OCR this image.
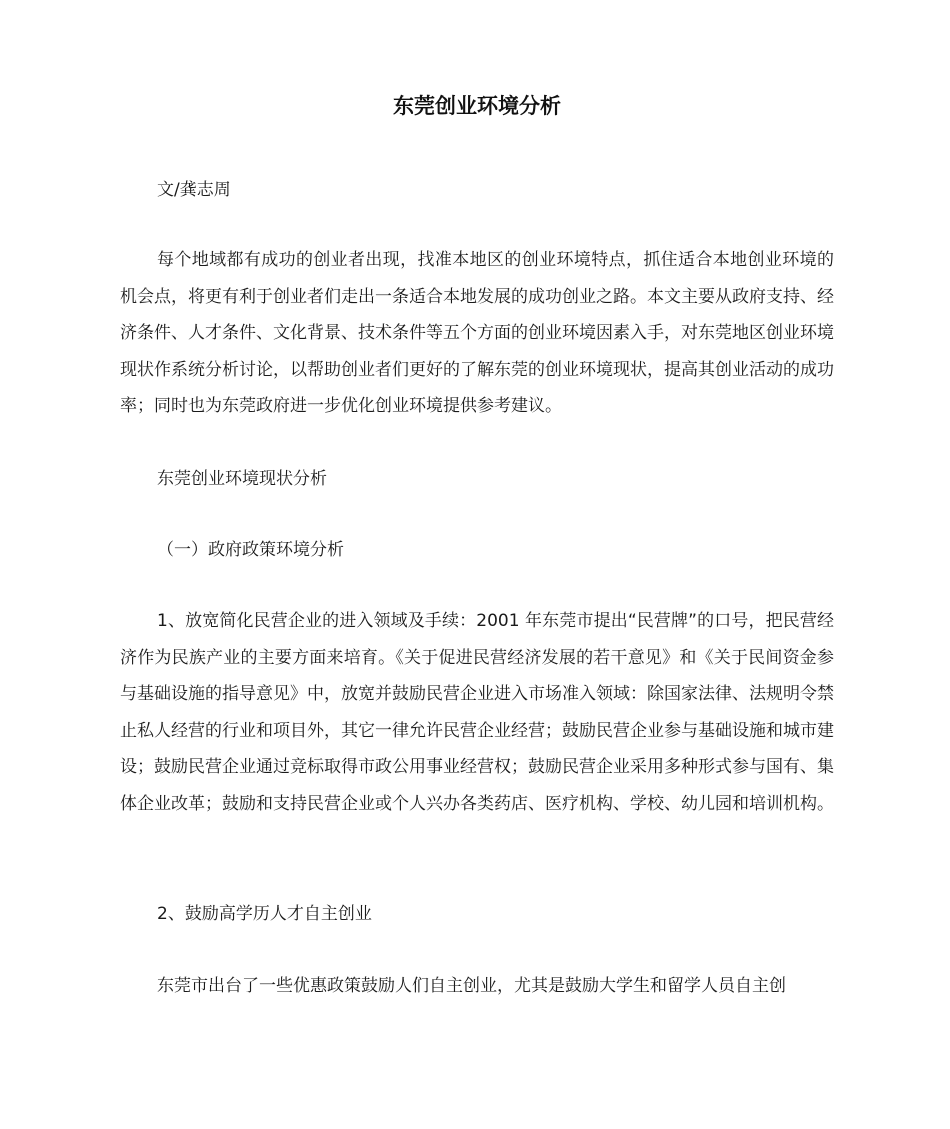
东莞创业环境分析

文/龚志周

每个地域都有成功的创业者出现，找准本地区的创业环境特点，抓住适合本地创业环境的机会点，将更有利于创业者们走出一条适合本地发展的成功创业之路。本文主要从政府支持、经济条件、人才条件、文化背景、技术条件等五个方面的创业环境因素入手，对东莞地区创业环境现状作系统分析讨论，以帮助创业者们更好的了解东莞的创业环境现状，提高其创业活动的成功率；同时也为东莞政府进一步优化创业环境提供参考建议。

东莞创业环境现状分析

（一）政府政策环境分析

1、放宽简化民营企业的进入领域及手续：2001 年东莞市提出“民营牌”的口号，把民营经济作为民族产业的主要方面来培育。《关于促进民营经济发展的若干意见》和《关于民间资金参与基础设施的指导意见》中，放宽并鼓励民营企业进入市场准入领域：除国家法律、法规明令禁止私人经营的行业和项目外，其它一律允许民营企业经营；鼓励民营企业参与基础设施和城市建设；鼓励民营企业通过竞标取得市政公用事业经营权；鼓励民营企业采用多种形式参与国有、集体企业改革；鼓励和支持民营企业或个人兴办各类药店、医疗机构、学校、幼儿园和培训机构。

2、鼓励高学历人才自主创业

东莞市出台了一些优惠政策鼓励人们自主创业，尤其是鼓励大学生和留学人员自主创
